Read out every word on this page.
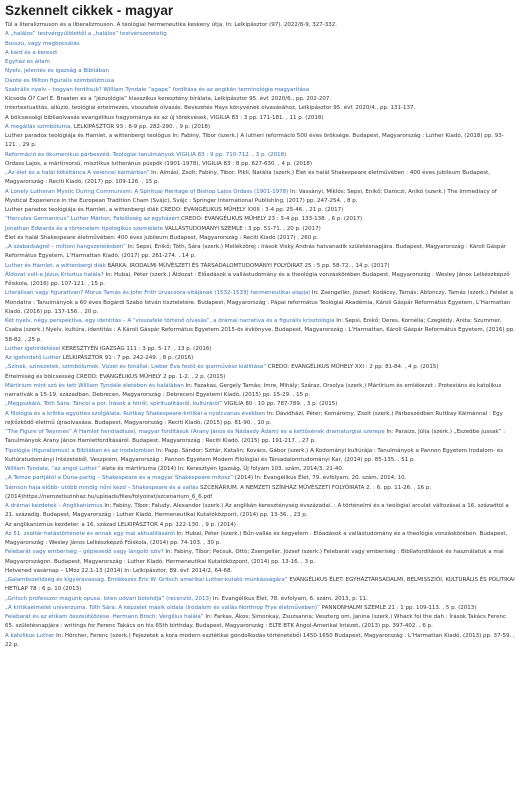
Szkennelt cikkek - magyar

Túl a literalizmuson és a liberalizmuson. A teológiai hermeneutika keskeny útja. In: Lelkipásztor (97). 2022/8-9, 327-332.

A „halálos” testvérgyűlölettől a „halálos” testvérszeretetig

Bosszú, vagy megbocsátás

A kard és a kereszt

Egyház és állam

Nyelv, jelentés és igazság a Bibliában

Dante és Milton figuralis szimbolizmusa

Szakrális nyelv – hogyan fordítsuk? William Tyndale “agape” fordítása és az angikán terminológia magyarítása

Kicsoda Ő? Carl E. Braaten és a “jézuológia” klasszikus keresztény bírálata, Lelkipásztor 95. évf. 2020/6., pp. 202-207.

Intertextualitás, allúzió, teológiai értelmezés, visszafelé olvasás. Bevezetés Hays könyvének olvasásához, Lelkipásztor 95. évf. 2020/4., pp. 131-137.

A bölcsességi bibliaolvasás evangélikus hagyománya és az új törekvések, VIGILIA 83 : 3 pp. 171-181. , 11 p. (2018)

A megállás szimbóluma, LELKIPÁSZTOR 93 : 8-9 pp. 282-290. , 9 p. (2018)

Luther paradox teológiája és Hamlet, a wittenbergi teológus In: Fabiny, Tibor (szerk.) A lutheri reformáció 500 éves öröksége. Budapest, Magyarország : Luther Kiadó, (2018) pp. 93-121. , 29 p.

Reformáció és ökumenikus párbeszéd. Teológiai tanulmányok VIGILIA 83 : 9 pp. 710-712. , 3 p. (2018)

Ordass Lajos, a mártírsorsú, misztikus lutheránus püspök (1901-1978), VIGILIA 83 : 8 pp. 627-630. , 4 p. (2018)

„Az élet és a halál kötéltánca A velencei kalmárban” In: Almási, Zsolt; Fabiny, Tibor; Pikli, Natália (szerk.) Élet és halál Shakespeare életművében : 400 éves jubileum Budapest, Magyarország : Reciti Kiadó, (2017) pp. 109-126. , 15 p.

A Lonely Lutheran Mystic During Communism: A Spiritual Heritage of Bishop Lajos Ordass (1901-1978) In: Vassányi, Miklós; Sepsi, Enikő; Daróczi, Anikó (szerk.) The Immediacy of Mystical Experience in the European Tradition Cham (Svájc), Svájc : Springer International Publishing, (2017) pp. 247-254. , 8 p.

Luther paradox teológiája és Hamlet, a wittenbergi diák CREDO: EVANGÉLIKUS MŰHELY XXIII : 3-4 pp. 25-46. , 21 p. (2017)

“Hercules Germanicus” Luther Márton, Felelősség az egyházért CREDO: EVANGÉLIKUS MŰHELY 23 : 3-4 pp. 133-138. , 6 p. (2017)

Jonathan Edwards és a történelem tipologikus szemlélete VALLÁSTUDOMÁNYI SZEMLE : 3 pp. 51-71. , 20 p. (2017)

Élet és halál Shakespeare életművében: 400 éves jubileum Budapest, Magyarország : Reciti Kiadó (2017) , 260 p.

„A szabadságról – miltoni hangszerelésben” In: Sepsi, Enikő; Tóth, Sára (szerk.) Mellékzörej : írások Visky András hatvanadik születésnapjára. Budapest, Magyarország : Károli Gáspár Református Egyetem, L’Harmattan Kiadó, (2017) pp. 261-274. , 14 p.

Luther és Hamlet, a wittenbergi diák BÁRKA: IRODALMI MŰVÉSZETI ÉS TÁRSADALOMTUDOMÁNYI FOLYÓIRAT 25 : 5 pp. 58-72. , 14 p. (2017)

Áldozat volt-e Jézus Krisztus halála? In: Hubai, Péter (szerk.) Áldozat : Előadások a vallástudomány és a theológia vonzáskörében Budapest, Magyarország : Wesley János Lelkészképző Főiskola, (2016) pp. 107-121. , 15 p.

Literálisan vagy figuratívan? Morus Tamás és John Frith úrvacsora-vitájának (1532-1533) hermeneutikai alapjai In: Zsengellér, József; Kodácsy, Tamás; Ablonczy, Tamás (szerk.) Felelet a Mondatra : Tanulmányok a 60 éves Bogárdi Szabó István tiszteletére. Budapest, Magyarország : Pápai református Teológiai Akadémia, Károli Gáspár Református Egyetem, L’Harmattan Kiadó, (2016) pp. 137-156. , 20 p.

Két nyelv, négy perspektíva, egy identitás – A “visszafelé történő olvasás”, a drámai narratíva és a figurális krisztológia In: Sepsi, Enikő; Deres, Kornélia; Czeglédy, Anita; Szummer, Csaba (szerk.) Nyelv, kultúra, identitás : A Károli Gáspár Református Egyetem 2015-ös évkönyve. Budapest, Magyarország : L’Harmattan, Károli Gáspár Református Egyetem, (2016) pp. 58-82. , 25 p.

Luther igehirdetései KERESZTYÉN IGAZSÁG 111 : 3 pp. 5-17. , 13 p. (2016)

Az igehirdető Luther LELKIPÁSZTOR 91 : 7 pp. 242-249. , 8 p. (2016)

„Színek, színezetek, szimbólumok. Vizzel és fonállal: Lieber Éva festő és iparművész kiállítása” CREDO: EVANGÉLIKUS MŰHELY XXI : 2 pp. 81-84. , 4 p. (2015)

Értelmiség és bölcsesség CREDO: EVANGÉLIKUS MŰHELY 2 pp. 1-2. , 2 p. (2015)

Mártírium mint szó és tett William Tyndale életében és halálában In: Fazakas, Gergely Tamás; Imre, Mihály; Száraz, Orsolya (szerk.) Mártírium és emlékezet : Protestáns és katolikus narratívák a 15-19. században. Debrecen, Magyarország : Debreceni Egyetemi Kiadó, (2015) pp. 15-29. , 15 p.

„Megpszkáló. Tóth Sára: Táncol a por. Írások a hitről, spiritualitásról, kultúráról” VIGILIA 80 : 10 pp. 787-789. , 3 p. (2015)

A filológia és a kritika együttes szolgálata. Ruttkay Shakespeare-kritikái a nyolcvanas években In: Dávidházi, Péter; Komáromy, Zsolt (szerk.) Párbeszédben Ruttkay Kálmánnal : Egy rejtőzködő életmű újraolvasása. Budapest, Magyarország : Reciti Kiadó, (2015) pp. 81-90. , 10 p.

“The Figure of Twynnes” A Hamlet hendiadiszei, magyar fordításuk (Arany János és Nádasdy Ádám) és a kettősének dramaturgiai szerepe In: Paraizs, Júlia (szerk.) „Eszedbe jussak” : Tanulmányok Arany János Hamletfordításáról. Budapest, Magyarország : Reciti Kiadó, (2015) pp. 191-217. , 27 p.

Tipológia (figuralizmus) a Bibliában és az irodalomban In: Papp, Sándor; Szitár, Katalin; Kovács, Gábor (szerk.) A Kodományi kultúrája : Tanulmányok a Pannon Egyetem Irodalom- és Kultúratudományi Intézetéből. Veszprém, Magyarország : Pannon Egyetem Modern Filológiai és Társadalomtudományi Kar, (2014) pp. 85-135. , 51 p.

William Tyndale, “az angol Luther” élete és mártíriuma (2014) In: Keresztyén Igazság, Új folyam 103. szám, 2014/3, 21-40.

„A Temze partjától a Duna-partig – Shakespeare és a magyar Shakespeare mítosz” (2014) In: Evangélikus Élet, 79. évfolyam, 20. szám, 2014, 10.

Sámson haja előbb- utóbb mindig nőni kezd – Shakespeare és a vallás SZCENÁRIUM. A NEMZETI SZÍNHÁZ MŰVÉSZETI FOLYÓIRATA 2. : 6. pp. 11-26. , 16 p. (2014)https://nemzetiszinhaz.hu/uploads/files/folyoirat/szcenarium_6_6.pdf

A drámai kezdetek – Anglikanizmus In: Fabiny, Tibor; Faludy, Alexander (szerk.) Az anglikán kereszténység évszázadai. : A történelmi és a teológiai arculat változásai a 16. századtól a 21. századig. Budapest, Magyarország : Luther Kiadó, Hermeneutikai Kutatóközpont, (2014) pp. 13-36. , 23 p.

Az anglikanizmus kezdetei: a 16. század LELKIPÁSZTOR 4 pp. 122-130. , 9 p. (2014)

Az 51. zsoltár hatástörténete és annak egy mai aktualitásáról In: Hubai, Péter (szerk.) Bűn-vallás és kegyelem : Előadások a vallástudomány és a theológia vonzáskörében. Budapest, Magyarország : Wesley János Lelkészképző Főiskola, (2014) pp. 74-103. , 30 p.

Felebarát vagy emberiség – gépiesedő vagy lángoló szív? In: Fabiny, Tibor; Pecsuk, Ottó; Zsengellér, József (szerk.) Felebarát vagy emberiség : Bibliafordítások és használatuk a mai Magyarországon. Budapest, Magyarország : Luther Kiadó, Hermeneutikai Kutatóközpont, (2014) pp. 13-16. , 3 p.

Hetvened vasárnap – 1Móz 22,1-13 (2014) In: Lelkipásztor, 89. évf. 2014/2, 64-68.

„Galambszelídség és kígyóravasság. Emlékezés Eric W. Gritsch amerikai Luther-kutató munkásságára” EVANGÉLIKUS ÉLET: EGYHÁZTÁRSADALMI, BELMISSZIÓI, KULTURÁLIS ÉS POLITIKAI HETILAP 78 : 6 p. 10 (2013)

„Gritsch professzor magunk opusa. Isten udvari bolondja” (recenzió, 2013) In: Evangélikus Élet, 78. évfolyam, 6. szám, 2013, p. 11.

„A kritikaelmélet univerzuma. Tóth Sára: A képzelet másik oldala (Irodalom és vallás Northrop Frye életművében)” PANNONHALMI SZEMLE 21 : 1 pp. 109-113. , 5 p. (2013)

Felebarát és az etikam összeütközése. Hermann Broch: Vergilius halála” In: Farkas, Ákos; Simonkay, Zsuzsanna; Veszterg om, Janina (szerk.) Whack fol the dah : Írások Takács Ferenc 65. születésnapjára : writings for Ferenc Takács on his 65th birthday. Budapest, Magyarország : ELTE BTK Angol-Amerikai Intézet, (2013) pp. 397-402. , 6 p.

A katolikus Luther In: Hörcher, Ferenc (szerk.) Fejezetek a kora modern esztétikai gondolkodás történetéből 1450-1650 Budapest, Magyarország : L’Harmattan Kiadó, (2013) pp. 37-59. , 22 p.
